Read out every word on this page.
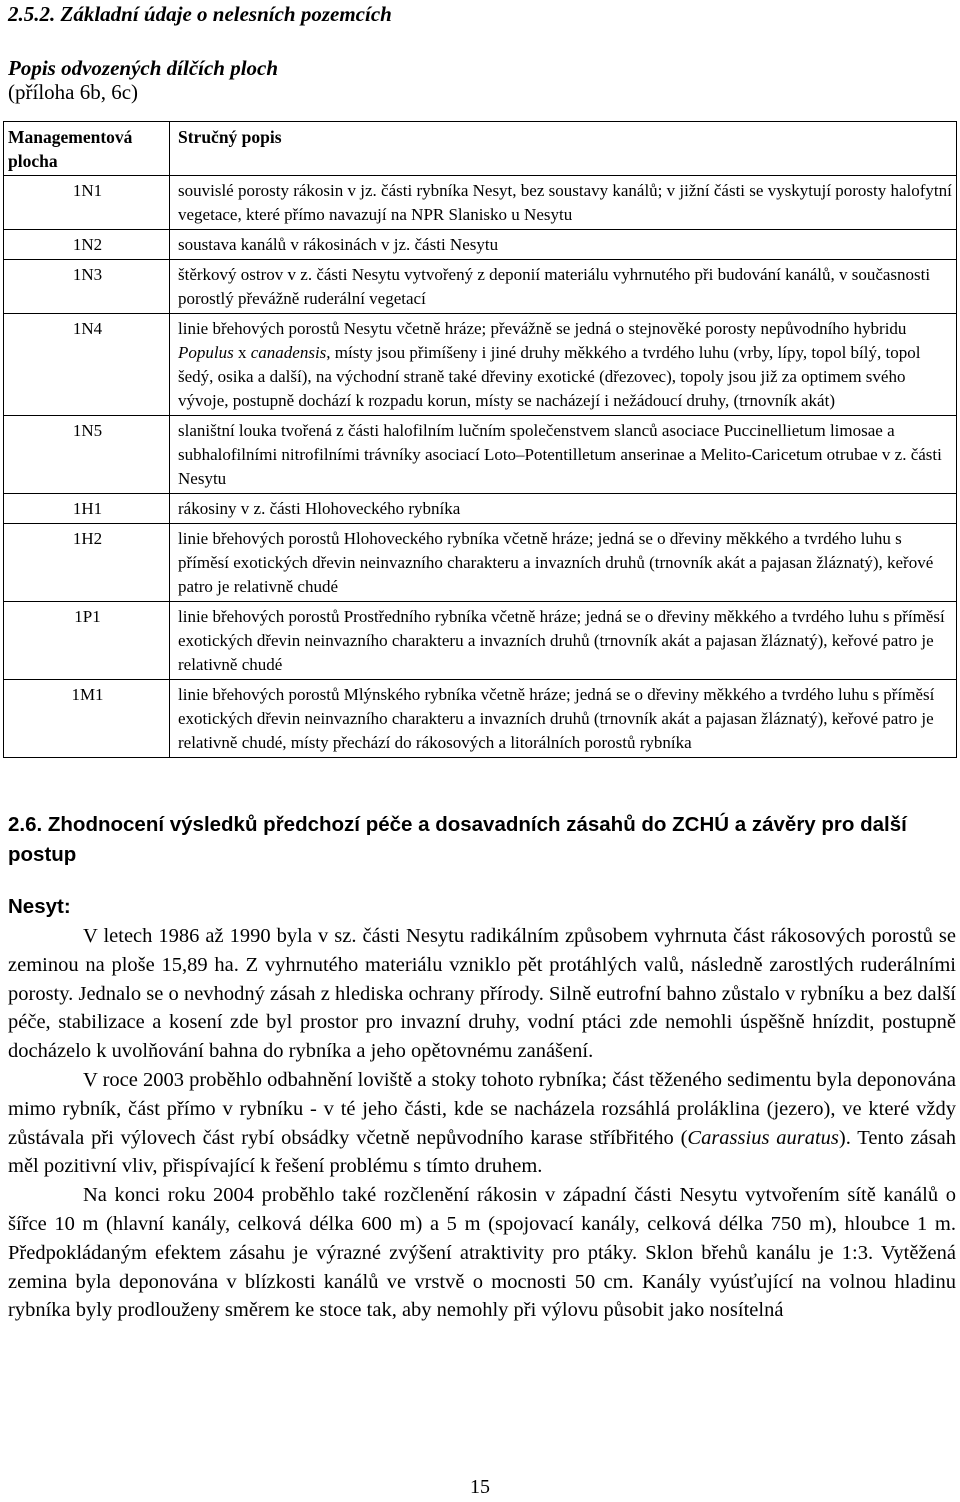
2.5.2. Základní údaje o nelesních pozemcích
Popis odvozených dílčích ploch
(příloha 6b, 6c)
Managementová plocha	Stručný popis
1N1	souvislé porosty rákosin v jz. části rybníka Nesyt, bez soustavy kanálů; v jižní části se vyskytují porosty halofytní vegetace, které přímo navazují na NPR Slanisko u Nesytu
1N2	soustava kanálů v rákosinách v jz. části Nesytu
1N3	štěrkový ostrov v z. části Nesytu vytvořený z deponií materiálu vyhrnutého při budování kanálů, v současnosti porostlý převážně ruderální vegetací
1N4	linie břehových porostů Nesytu včetně hráze; převážně se jedná o stejnověké porosty nepůvodního hybridu Populus x canadensis, místy jsou přimíšeny i jiné druhy měkkého a tvrdého luhu (vrby, lípy, topol bílý, topol šedý, osika a další), na východní straně také dřeviny exotické (dřezovec), topoly jsou již za optimem svého vývoje, postupně dochází k rozpadu korun, místy se nacházejí i nežádoucí druhy, (trnovník akát)
1N5	slaništní louka tvořená z části halofilním lučním společenstvem slanců asociace Puccinellietum limosae a subhalofilními nitrofilními trávníky asociací Loto–Potentilletum anserinae a Melito-Caricetum otrubae v z. části Nesytu
1H1	rákosiny v z. části Hlohoveckého rybníka
1H2	linie břehových porostů Hlohoveckého rybníka včetně hráze; jedná se o dřeviny měkkého a tvrdého luhu s příměsí exotických dřevin neinvazního charakteru a invazních druhů (trnovník akát a pajasan žláznatý), keřové patro je relativně chudé
1P1	linie břehových porostů Prostředního rybníka včetně hráze; jedná se o dřeviny měkkého a tvrdého luhu s příměsí exotických dřevin neinvazního charakteru a invazních druhů (trnovník akát a pajasan žláznatý), keřové patro je relativně chudé
1M1	linie břehových porostů Mlýnského rybníka včetně hráze; jedná se o dřeviny měkkého a tvrdého luhu s příměsí exotických dřevin neinvazního charakteru a invazních druhů (trnovník akát a pajasan žláznatý), keřové patro je relativně chudé, místy přechází do rákosových a litorálních porostů rybníka
2.6. Zhodnocení výsledků předchozí péče a dosavadních zásahů do ZCHÚ a závěry pro další postup
Nesyt:

V letech 1986 až 1990 byla v sz. části Nesytu radikálním způsobem vyhrnuta část rákosových porostů se zeminou na ploše 15,89 ha. Z vyhrnutého materiálu vzniklo pět protáhlých valů, následně zarostlých ruderálními porosty. Jednalo se o nevhodný zásah z hlediska ochrany přírody. Silně eutrofní bahno zůstalo v rybníku a bez další péče, stabilizace a kosení zde byl prostor pro invazní druhy, vodní ptáci zde nemohli úspěšně hnízdit, postupně docházelo k uvolňování bahna do rybníka a jeho opětovnému zanášení.

V roce 2003 proběhlo odbahnění loviště a stoky tohoto rybníka; část těženého sedimentu byla deponována mimo rybník, část přímo v rybníku - v té jeho části, kde se nacházela rozsáhlá proláklina (jezero), ve které vždy zůstávala při výlovech část rybí obsádky včetně nepůvodního karase stříbřitého (Carassius auratus). Tento zásah měl pozitivní vliv, přispívající k řešení problému s tímto druhem.

Na konci roku 2004 proběhlo také rozčlenění rákosin v západní části Nesytu vytvořením sítě kanálů o šířce 10 m (hlavní kanály, celková délka 600 m) a 5 m (spojovací kanály, celková délka 750 m), hloubce 1 m. Předpokládaným efektem zásahu je výrazné zvýšení atraktivity pro ptáky. Sklon břehů kanálu je 1:3. Vytěžená zemina byla deponována v blízkosti kanálů ve vrstvě o mocnosti 50 cm. Kanály vyúsťující na volnou hladinu rybníka byly prodlouženy směrem ke stoce tak, aby nemohly při výlovu působit jako nosítelná

15
